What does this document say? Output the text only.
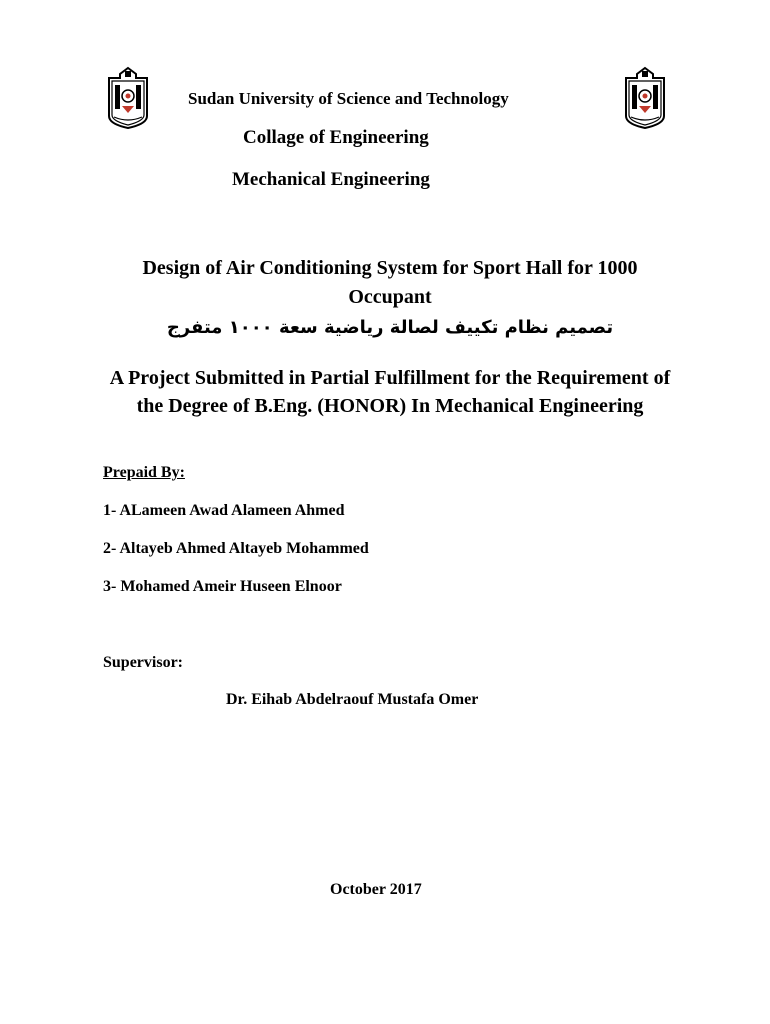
Sudan University of Science and Technology
Collage of Engineering
Mechanical Engineering
Design of Air Conditioning System for Sport Hall for 1000 Occupant
تصميم نظام تكييف لصالة رياضية سعة ١٠٠٠ متفرج
A Project Submitted in Partial Fulfillment for the Requirement of the Degree of B.Eng. (HONOR) In Mechanical Engineering
Prepaid By:
1- ALameen Awad Alameen Ahmed
2- Altayeb Ahmed Altayeb Mohammed
3- Mohamed Ameir Huseen Elnoor
Supervisor:
Dr. Eihab Abdelraouf Mustafa Omer
October 2017
